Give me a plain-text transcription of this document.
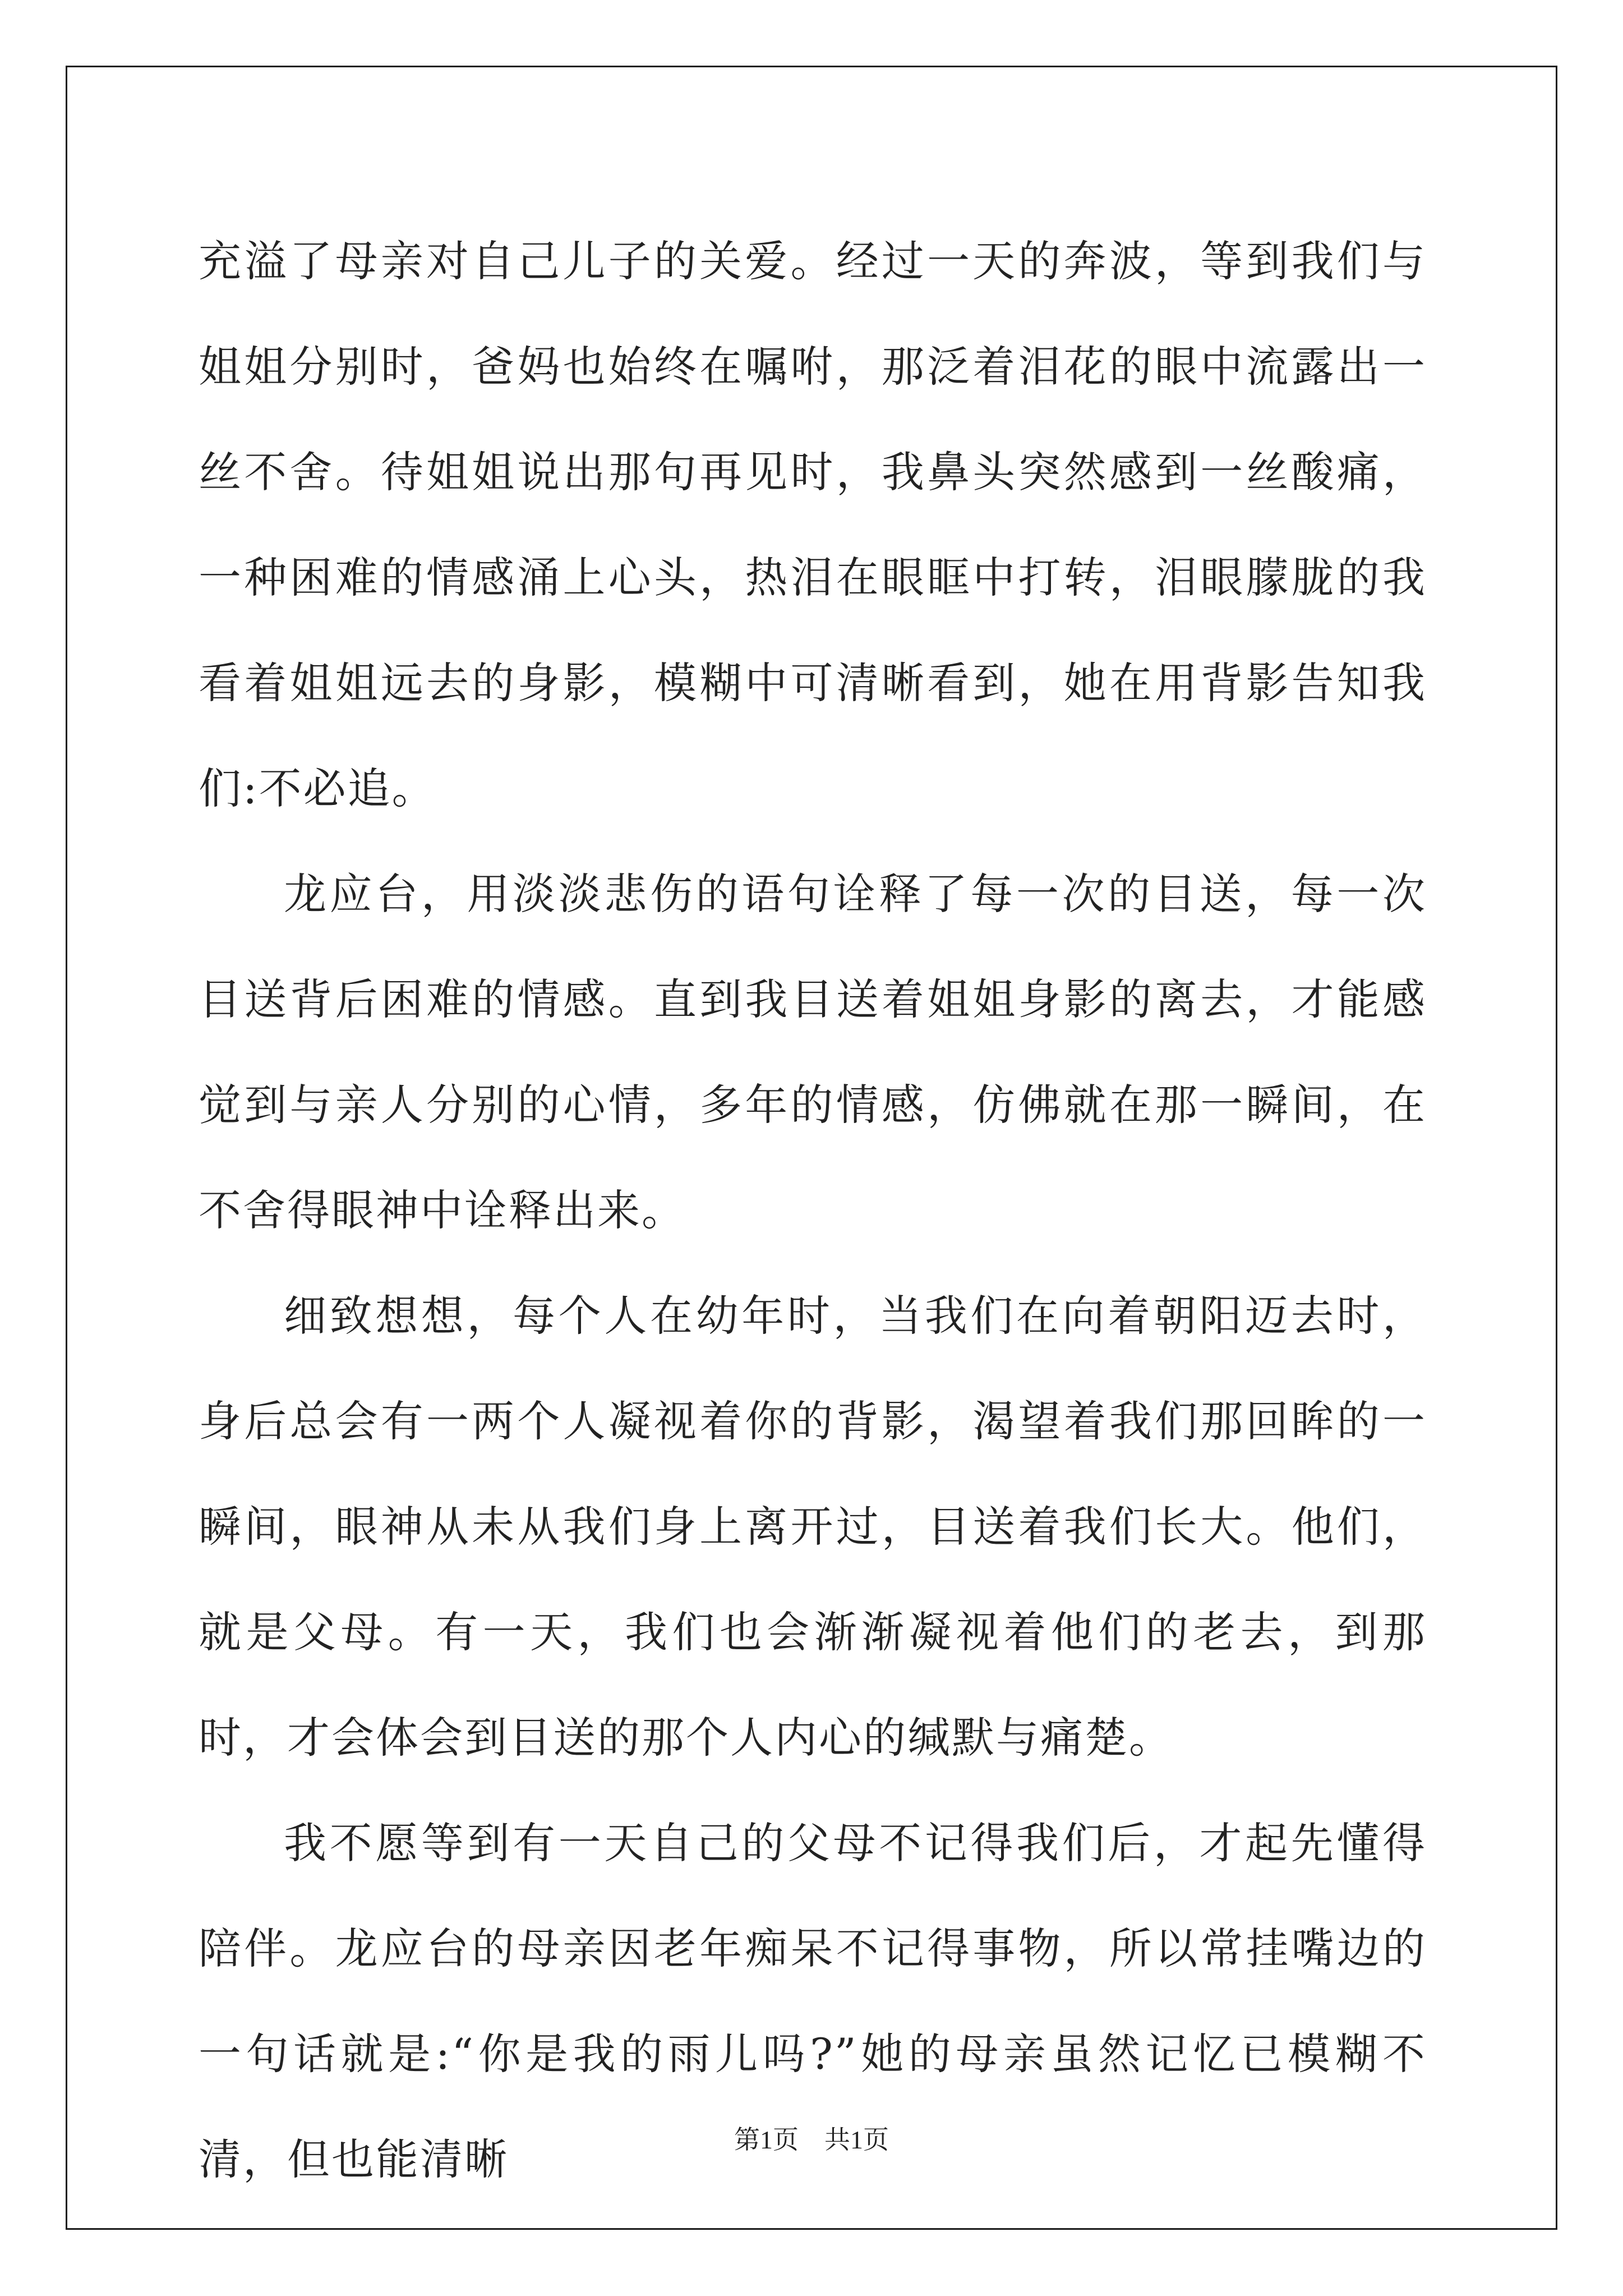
充溢了母亲对自己儿子的关爱。经过一天的奔波，等到我们与姐姐分别时，爸妈也始终在嘱咐，那泛着泪花的眼中流露出一丝不舍。待姐姐说出那句再见时，我鼻头突然感到一丝酸痛，一种困难的情感涌上心头，热泪在眼眶中打转，泪眼朦胧的我看着姐姐远去的身影，模糊中可清晰看到，她在用背影告知我们:不必追。

龙应台，用淡淡悲伤的语句诠释了每一次的目送，每一次目送背后困难的情感。直到我目送着姐姐身影的离去，才能感觉到与亲人分别的心情，多年的情感，仿佛就在那一瞬间，在不舍得眼神中诠释出来。

细致想想，每个人在幼年时，当我们在向着朝阳迈去时，身后总会有一两个人凝视着你的背影，渴望着我们那回眸的一瞬间，眼神从未从我们身上离开过，目送着我们长大。他们，就是父母。有一天，我们也会渐渐凝视着他们的老去，到那时，才会体会到目送的那个人内心的缄默与痛楚。

我不愿等到有一天自己的父母不记得我们后，才起先懂得陪伴。龙应台的母亲因老年痴呆不记得事物，所以常挂嘴边的一句话就是:“你是我的雨儿吗?”她的母亲虽然记忆已模糊不清，但也能清晰	第1页　共1页
